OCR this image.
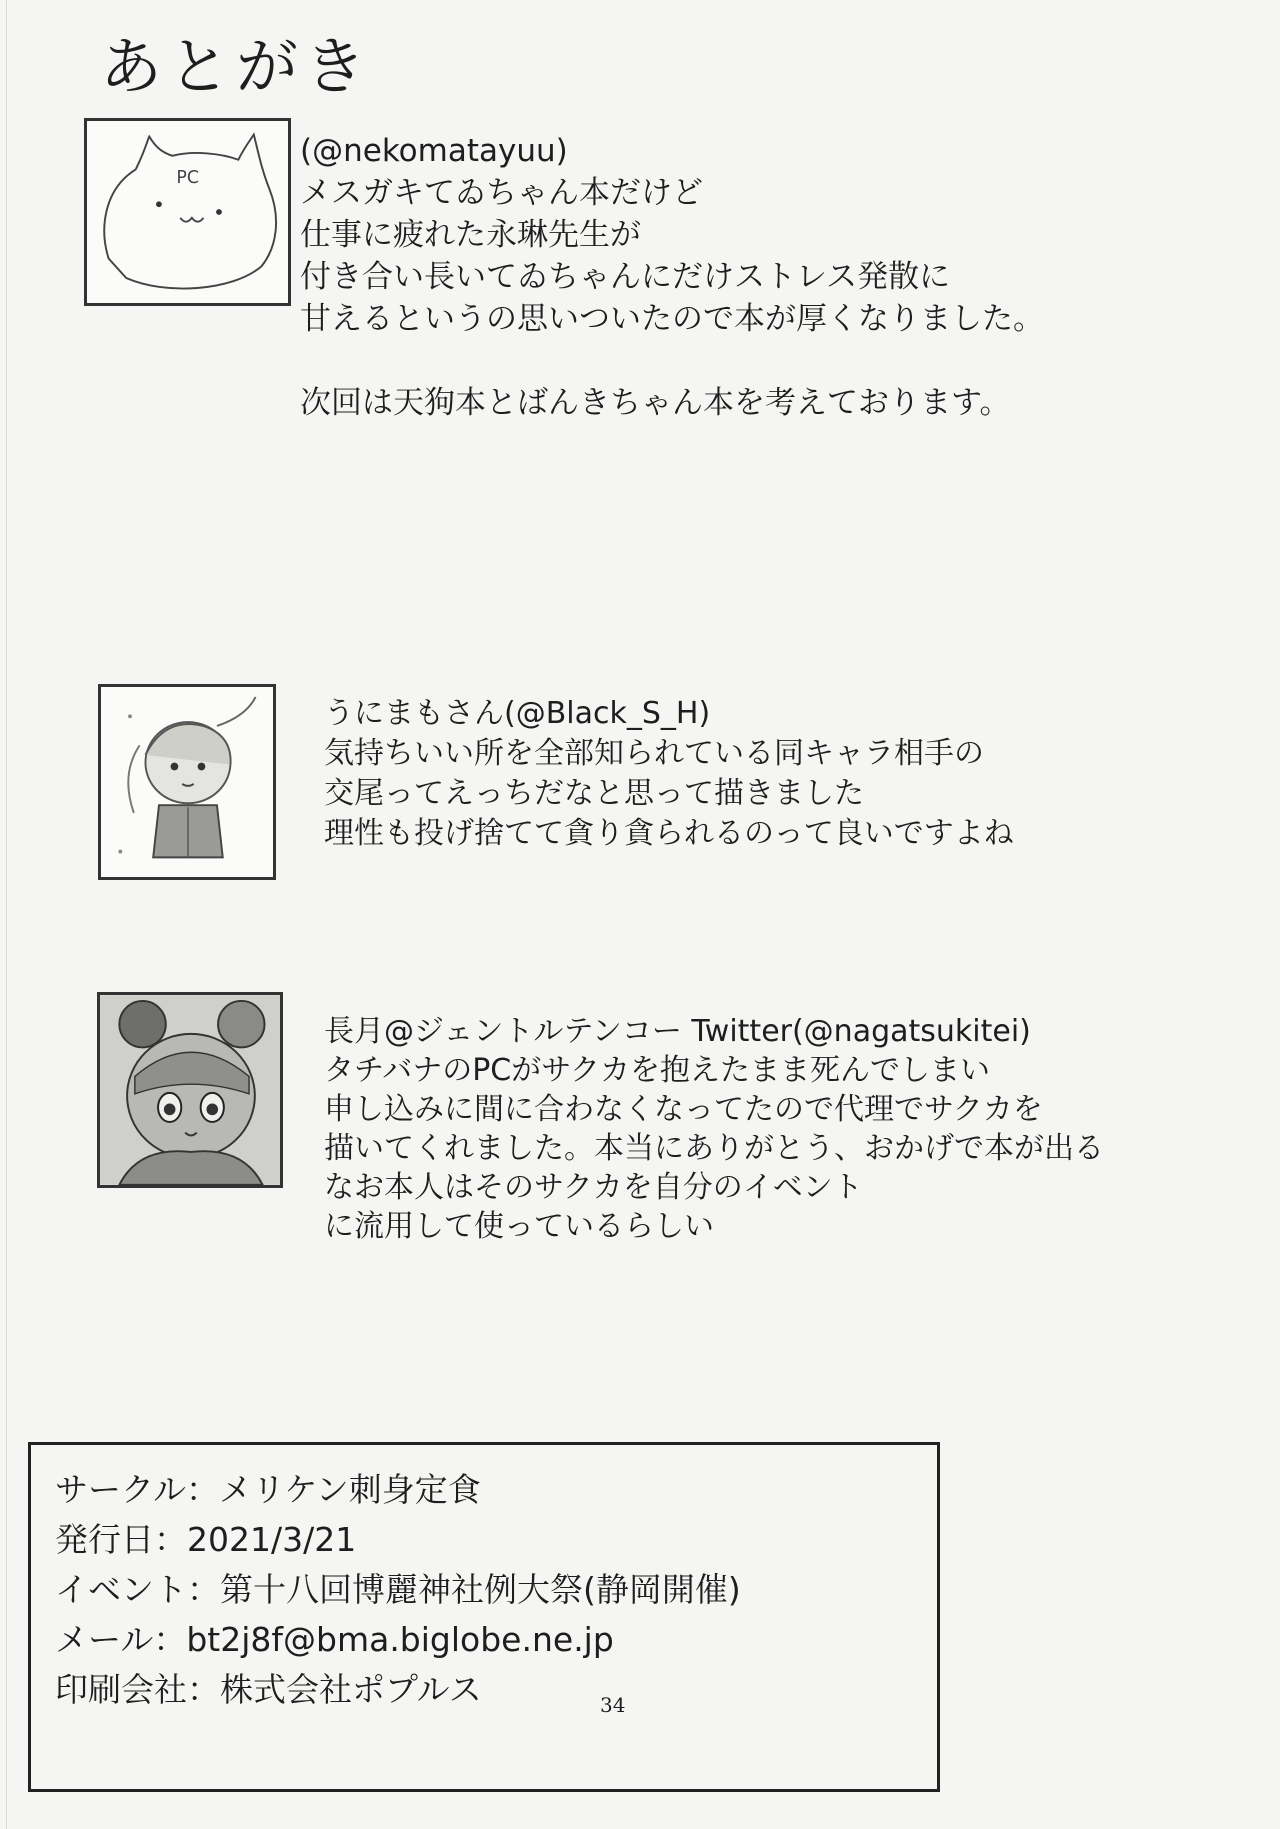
あとがき
PC
(@nekomatayuu)
メスガキてゐちゃん本だけど
仕事に疲れた永琳先生が
付き合い長いてゐちゃんにだけストレス発散に
甘えるというの思いついたので本が厚くなりました。
次回は天狗本とばんきちゃん本を考えております。
うにまもさん(@Black_S_H)
気持ちいい所を全部知られている同キャラ相手の
交尾ってえっちだなと思って描きました
理性も投げ捨てて貪り貪られるのって良いですよね
長月@ジェントルテンコー Twitter(@nagatsukitei)
タチバナのPCがサクカを抱えたまま死んでしまい
申し込みに間に合わなくなってたので代理でサクカを
描いてくれました。本当にありがとう、おかげで本が出る
なお本人はそのサクカを自分のイベント
に流用して使っているらしい
サークル：メリケン刺身定食
発行日：2021/3/21
イベント：第十八回博麗神社例大祭(静岡開催)
メール：bt2j8f@bma.biglobe.ne.jp
印刷会社：株式会社ポプルス	34
